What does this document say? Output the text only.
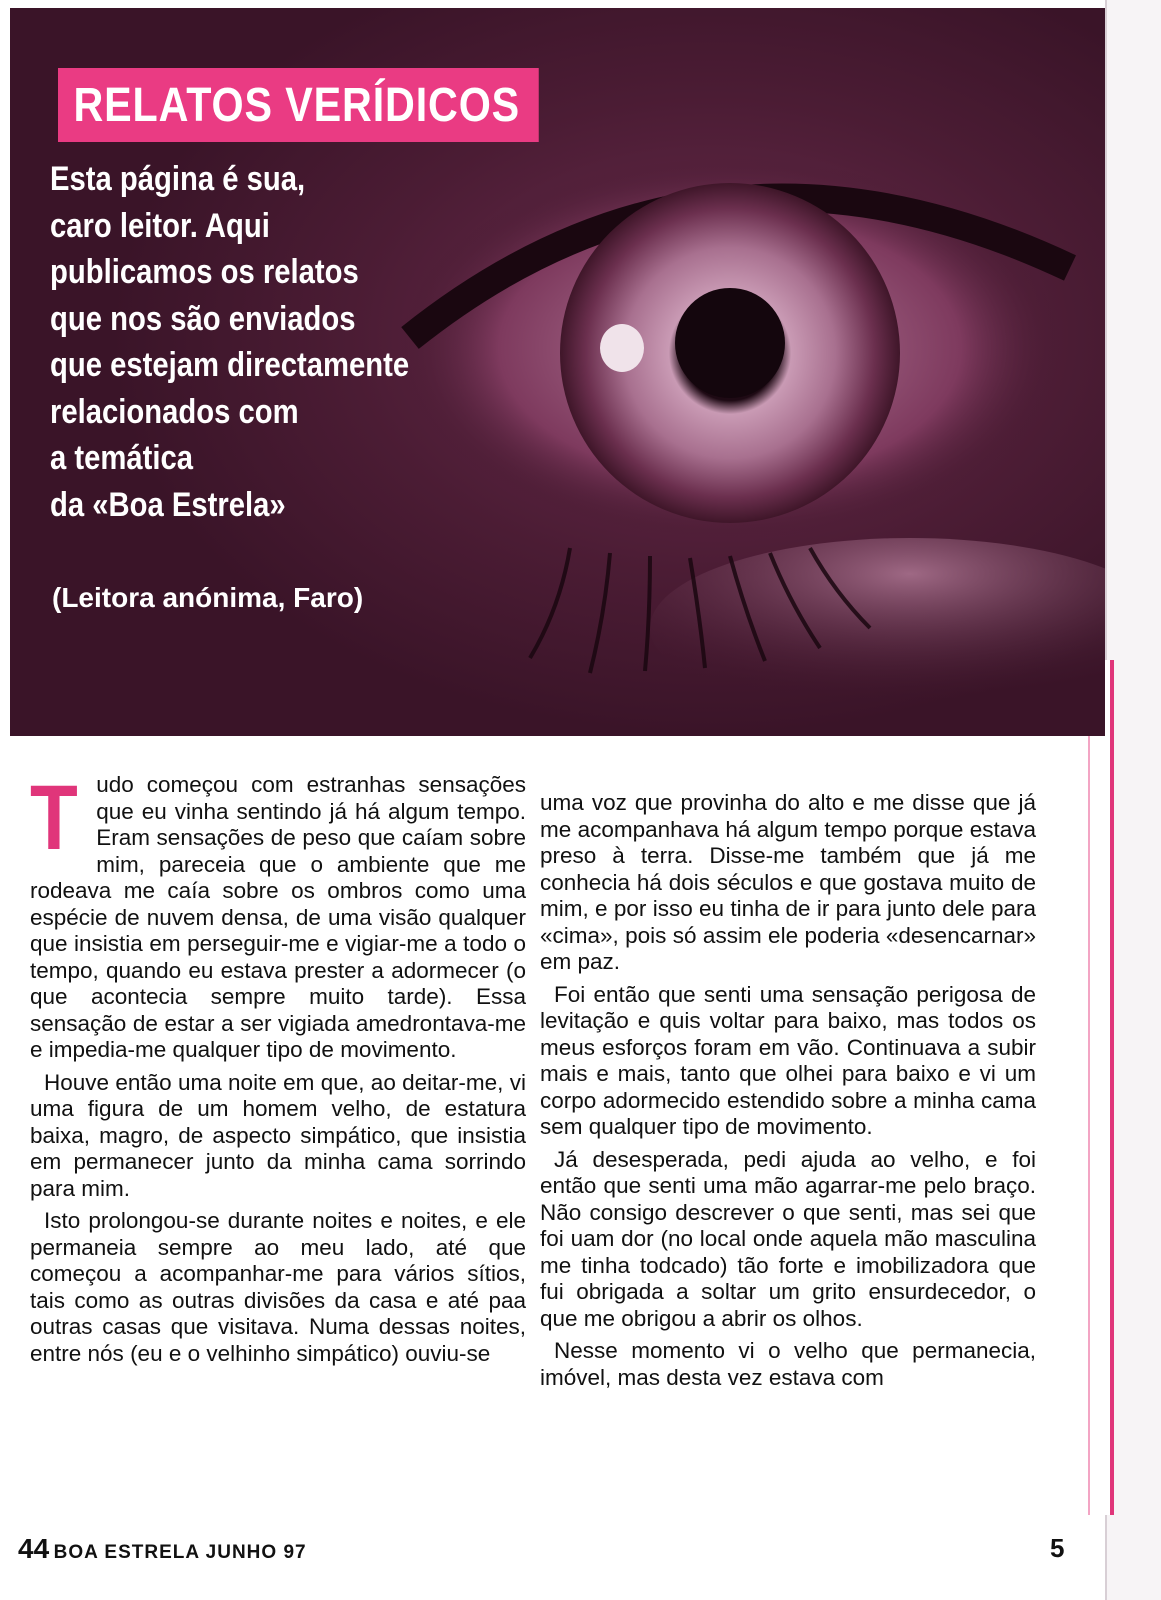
RELATOS VERÍDICOS

Esta página é sua,
caro leitor. Aqui
publicamos os relatos
que nos são enviados
que estejam directamente
relacionados com
a temática
da «Boa Estrela»

(Leitora anónima, Faro)

Tudo começou com estranhas sensações que eu vinha sentindo já há algum tempo. Eram sensações de peso que caíam sobre mim, pareceia que o ambiente que me rodeava me caía sobre os ombros como uma espécie de nuvem densa, de uma visão qualquer que insistia em perseguir-me e vigiar-me a todo o tempo, quando eu estava prester a adormecer (o que acontecia sempre muito tarde). Essa sensação de estar a ser vigiada amedrontava-me e impedia-me qualquer tipo de movimento.

Houve então uma noite em que, ao deitar-me, vi uma figura de um homem velho, de estatura baixa, magro, de aspecto simpático, que insistia em permanecer junto da minha cama sorrindo para mim.

Isto prolongou-se durante noites e noites, e ele permaneia sempre ao meu lado, até que começou a acompanhar-me para vários sítios, tais como as outras divisões da casa e até paa outras casas que visitava. Numa dessas noites, entre nós (eu e o velhinho simpático) ouviu-se

uma voz que provinha do alto e me disse que já me acompanhava há algum tempo porque estava preso à terra. Disse-me também que já me conhecia há dois séculos e que gostava muito de mim, e por isso eu tinha de ir para junto dele para «cima», pois só assim ele poderia «desencarnar» em paz.

Foi então que senti uma sensação perigosa de levitação e quis voltar para baixo, mas todos os meus esforços foram em vão. Continuava a subir mais e mais, tanto que olhei para baixo e vi um corpo adormecido estendido sobre a minha cama sem qualquer tipo de movimento.

Já desesperada, pedi ajuda ao velho, e foi então que senti uma mão agarrar-me pelo braço. Não consigo descrever o que senti, mas sei que foi uam dor (no local onde aquela mão masculina me tinha todcado) tão forte e imobilizadora que fui obrigada a soltar um grito ensurdecedor, o que me obrigou a abrir os olhos.

Nesse momento vi o velho que permanecia, imóvel, mas desta vez estava com

44 BOA ESTRELA JUNHO 97	5
